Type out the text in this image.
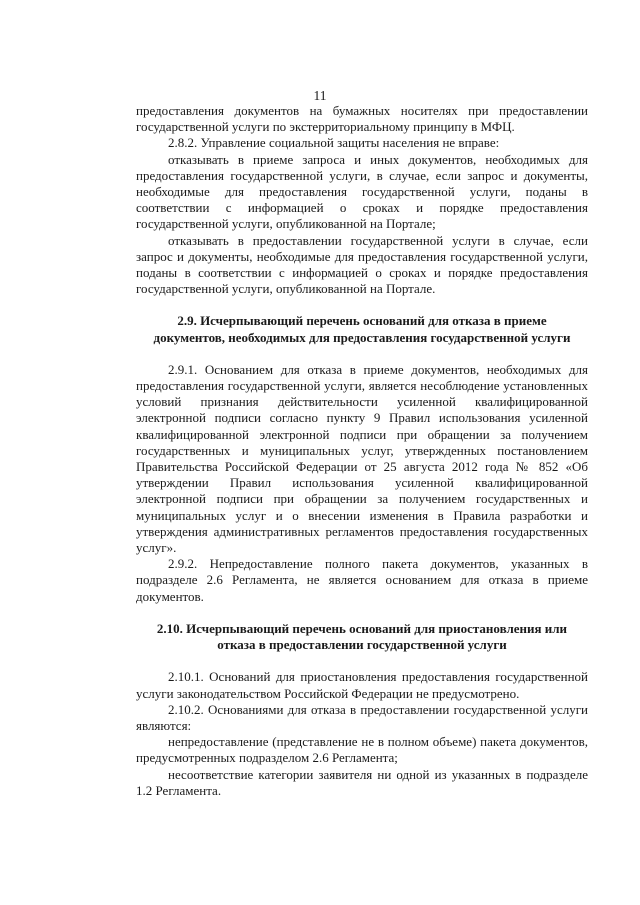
11

предоставления документов на бумажных носителях при предоставлении государственной услуги по экстерриториальному принципу в МФЦ.

2.8.2. Управление социальной защиты населения не вправе:

отказывать в приеме запроса и иных документов, необходимых для предоставления государственной услуги, в случае, если запрос и документы, необходимые для предоставления государственной услуги, поданы в соответствии с информацией о сроках и порядке предоставления государственной услуги, опубликованной на Портале;

отказывать в предоставлении государственной услуги в случае, если запрос и документы, необходимые для предоставления государственной услуги, поданы в соответствии с информацией о сроках и порядке предоставления государственной услуги, опубликованной на Портале.

2.9. Исчерпывающий перечень оснований для отказа в приеме документов, необходимых для предоставления государственной услуги

2.9.1. Основанием для отказа в приеме документов, необходимых для предоставления государственной услуги, является несоблюдение установленных условий признания действительности усиленной квалифицированной электронной подписи согласно пункту 9 Правил использования усиленной квалифицированной электронной подписи при обращении за получением государственных и муниципальных услуг, утвержденных постановлением Правительства Российской Федерации от 25 августа 2012 года № 852 «Об утверждении Правил использования усиленной квалифицированной электронной подписи при обращении за получением государственных и муниципальных услуг и о внесении изменения в Правила разработки и утверждения административных регламентов предоставления государственных услуг».

2.9.2. Непредоставление полного пакета документов, указанных в подразделе 2.6 Регламента, не является основанием для отказа в приеме документов.

2.10. Исчерпывающий перечень оснований для приостановления или отказа в предоставлении государственной услуги

2.10.1. Оснований для приостановления предоставления государственной услуги законодательством Российской Федерации не предусмотрено.

2.10.2. Основаниями для отказа в предоставлении государственной услуги являются:

непредоставление (представление не в полном объеме) пакета документов, предусмотренных подразделом 2.6 Регламента;

несоответствие категории заявителя ни одной из указанных в подразделе 1.2 Регламента.
